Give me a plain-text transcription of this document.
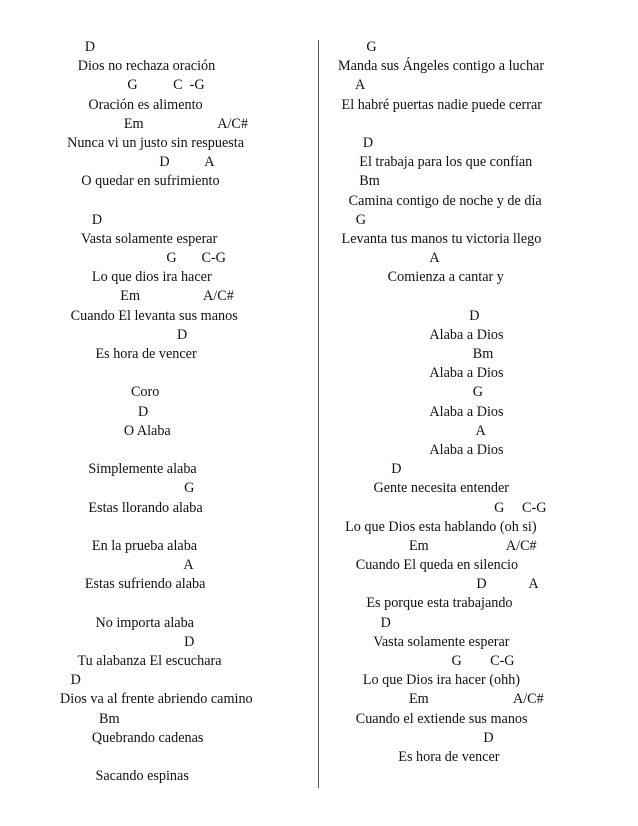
D
Dios no rechaza oración
G          C  -G
Oración es alimento
Em                     A/C#
Nunca vi un justo sin respuesta
D          A
O quedar en sufrimiento
D
Vasta solamente esperar
G       C-G
Lo que dios ira hacer
Em                  A/C#
Cuando El levanta sus manos
D
Es hora de vencer
Coro
D
O Alaba
Simplemente alaba
G
Estas llorando alaba
En la prueba alaba
A
Estas sufriendo alaba
No importa alaba
D
Tu alabanza El escuchara
D
Dios va al frente abriendo camino
Bm
Quebrando cadenas
Sacando espinas
G
Manda sus Ángeles contigo a luchar
A
El habré puertas nadie puede cerrar
D
El trabaja para los que confían
Bm
Camina contigo de noche y de día
G
Levanta tus manos tu victoria llego
A
Comienza a cantar y
D
Alaba a Dios
Bm
Alaba a Dios
G
Alaba a Dios
A
Alaba a Dios
D
Gente necesita entender
G     C-G
Lo que Dios esta hablando (oh si)
Em                      A/C#
Cuando El queda en silencio
D            A
Es porque esta trabajando
D
Vasta solamente esperar
G        C-G
Lo que Dios ira hacer (ohh)
Em                        A/C#
Cuando el extiende sus manos
D
Es hora de vencer
